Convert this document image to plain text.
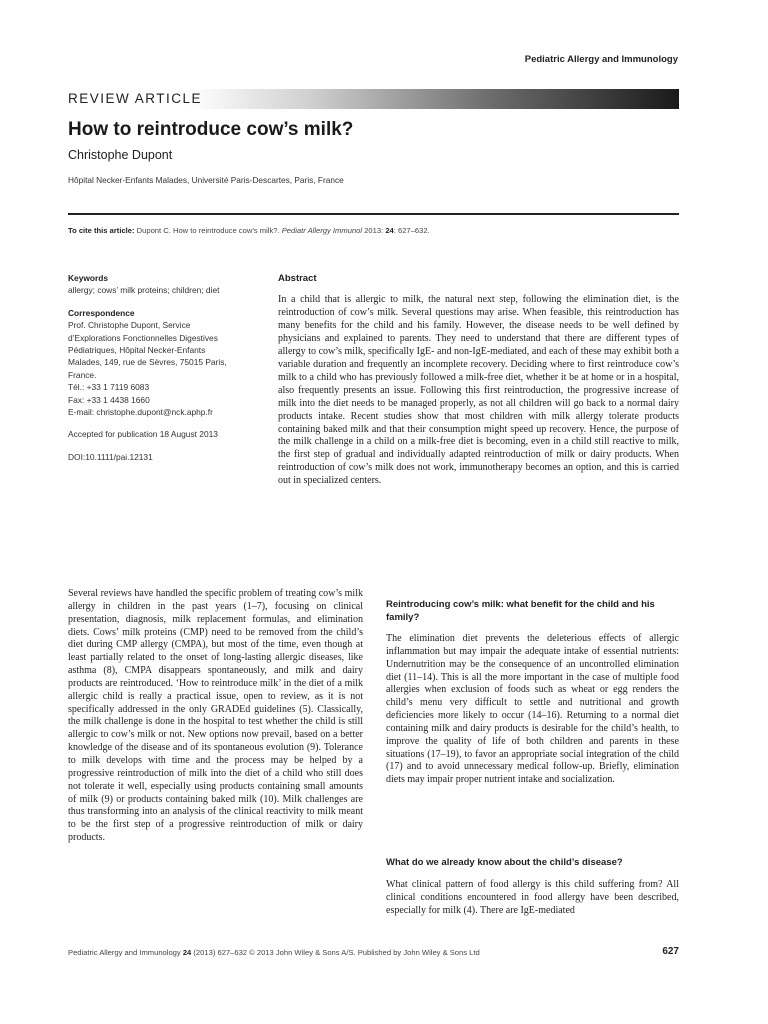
Pediatric Allergy and Immunology
REVIEW ARTICLE
How to reintroduce cow’s milk?
Christophe Dupont
Hôpital Necker-Enfants Malades, Université Paris-Descartes, Paris, France
To cite this article: Dupont C. How to reintroduce cow’s milk?. Pediatr Allergy Immunol 2013: 24: 627–632.

Keywords

allergy; cows’ milk proteins; children; diet

Correspondence

Prof. Christophe Dupont, Service

d’Explorations Fonctionnelles Digestives

Pédiatriques, Hôpital Necker-Enfants

Malades, 149, rue de Sèvres, 75015 Paris,

France.

Tél.: +33 1 7119 6083

Fax: +33 1 4438 1660

E-mail: christophe.dupont@nck.aphp.fr

Accepted for publication 18 August 2013

DOI:10.1111/pai.12131

Abstract

In a child that is allergic to milk, the natural next step, following the elimination diet, is the reintroduction of cow’s milk. Several questions may arise. When feasible, this reintroduction has many benefits for the child and his family. However, the disease needs to be well defined by physicians and explained to parents. They need to understand that there are different types of allergy to cow’s milk, specifically IgE- and non-IgE-mediated, and each of these may exhibit both a variable duration and frequently an incomplete recovery. Deciding where to first reintroduce cow’s milk to a child who has previously followed a milk-free diet, whether it be at home or in a hospital, also frequently presents an issue. Following this first reintroduction, the progressive increase of milk into the diet needs to be managed properly, as not all children will go back to a normal dairy products intake. Recent studies show that most children with milk allergy tolerate products containing baked milk and that their consumption might speed up recovery. Hence, the purpose of the milk challenge in a child on a milk-free diet is becoming, even in a child still reactive to milk, the first step of gradual and individually adapted reintroduction of milk or dairy products. When reintroduction of cow’s milk does not work, immunotherapy becomes an option, and this is carried out in specialized centers.

Several reviews have handled the specific problem of treating cow’s milk allergy in children in the past years (1–7), focusing on clinical presentation, diagnosis, milk replacement formulas, and elimination diets. Cows’ milk proteins (CMP) need to be removed from the child’s diet during CMP allergy (CMPA), but most of the time, even though at least partially related to the onset of long-lasting allergic diseases, like asthma (8), CMPA disappears spontaneously, and milk and dairy products are reintroduced. ‘How to reintroduce milk’ in the diet of a milk allergic child is really a practical issue, open to review, as it is not specifically addressed in the only GRADEd guidelines (5). Classically, the milk challenge is done in the hospital to test whether the child is still allergic to cow’s milk or not. New options now prevail, based on a better knowledge of the disease and of its spontaneous evolution (9). Tolerance to milk develops with time and the process may be helped by a progressive reintroduction of milk into the diet of a child who still does not tolerate it well, especially using products containing small amounts of milk (9) or products containing baked milk (10). Milk challenges are thus transforming into an analysis of the clinical reactivity to milk meant to be the first step of a progressive reintroduction of milk or dairy products.

Reintroducing cow’s milk: what benefit for the child and his family?

The elimination diet prevents the deleterious effects of allergic inflammation but may impair the adequate intake of essential nutrients: Undernutrition may be the consequence of an uncontrolled elimination diet (11–14). This is all the more important in the case of multiple food allergies when exclusion of foods such as wheat or egg renders the child’s menu very difficult to settle and nutritional and growth deficiencies more likely to occur (14–16). Returning to a normal diet containing milk and dairy products is desirable for the child’s health, to improve the quality of life of both children and parents in these situations (17–19), to favor an appropriate social integration of the child (17) and to avoid unnecessary medical follow-up. Briefly, elimination diets may impair proper nutrient intake and socialization.

What do we already know about the child’s disease?

What clinical pattern of food allergy is this child suffering from? All clinical conditions encountered in food allergy have been described, especially for milk (4). There are IgE-mediated

Pediatric Allergy and Immunology 24 (2013) 627–632 © 2013 John Wiley & Sons A/S. Published by John Wiley & Sons Ltd	627
